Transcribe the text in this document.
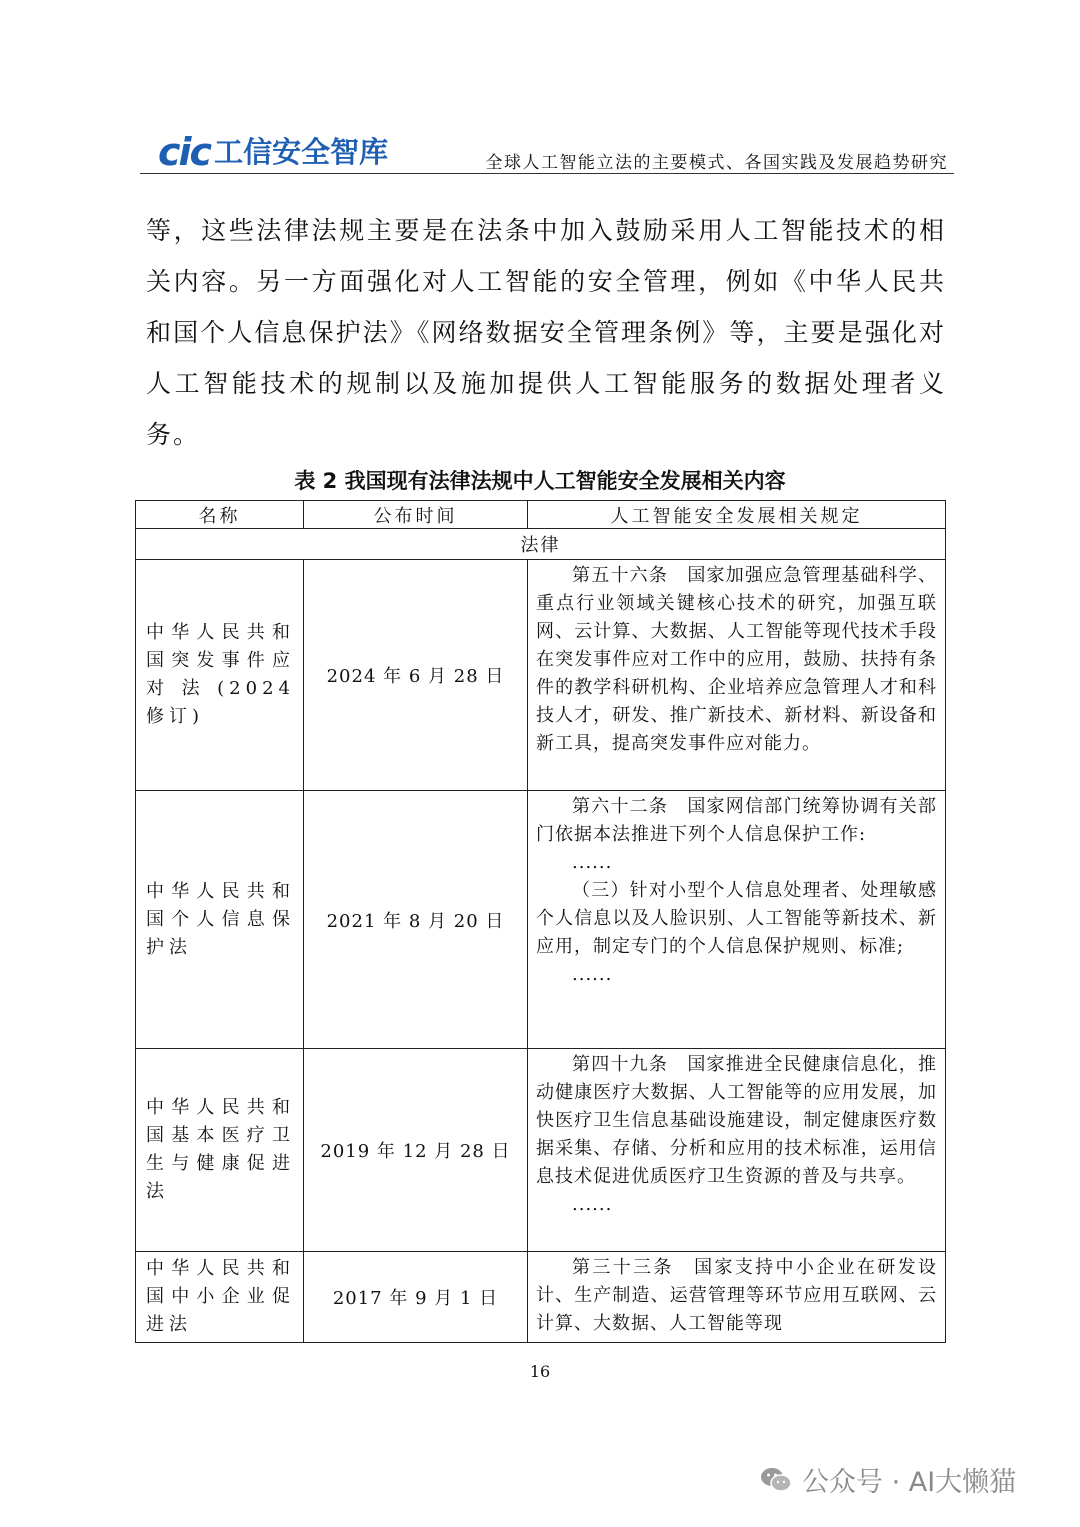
cic 工信安全智库	全球人工智能立法的主要模式、各国实践及发展趋势研究
等，这些法律法规主要是在法条中加入鼓励采用人工智能技术的相关内容。另一方面强化对人工智能的安全管理，例如《中华人民共和国个人信息保护法》《网络数据安全管理条例》等，主要是强化对人工智能技术的规制以及施加提供人工智能服务的数据处理者义务。
表 2 我国现有法律法规中人工智能安全发展相关内容
名称	公布时间	人工智能安全发展相关规定
法律		
中华人民共和国突发事件应对法(2024 修订)	2024 年 6 月 28 日	第五十六条　国家加强应急管理基础科学、重点行业领域关键核心技术的研究，加强互联网、云计算、大数据、人工智能等现代技术手段在突发事件应对工作中的应用，鼓励、扶持有条件的教学科研机构、企业培养应急管理人才和科技人才，研发、推广新技术、新材料、新设备和新工具，提高突发事件应对能力。

中华人民共和国个人信息保护法	2021 年 8 月 20 日	第六十二条　国家网信部门统筹协调有关部门依据本法推进下列个人信息保护工作:

......

（三）针对小型个人信息处理者、处理敏感个人信息以及人脸识别、人工智能等新技术、新应用，制定专门的个人信息保护规则、标准;

......

中华人民共和国基本医疗卫生与健康促进法	2019 年 12 月 28 日	第四十九条　国家推进全民健康信息化，推动健康医疗大数据、人工智能等的应用发展，加快医疗卫生信息基础设施建设，制定健康医疗数据采集、存储、分析和应用的技术标准，运用信息技术促进优质医疗卫生资源的普及与共享。

......

中华人民共和国中小企业促进法	2017 年 9 月 1 日	第三十三条　国家支持中小企业在研发设计、生产制造、运营管理等环节应用互联网、云计算、大数据、人工智能等现

16
公众号 · AI大懒猫
